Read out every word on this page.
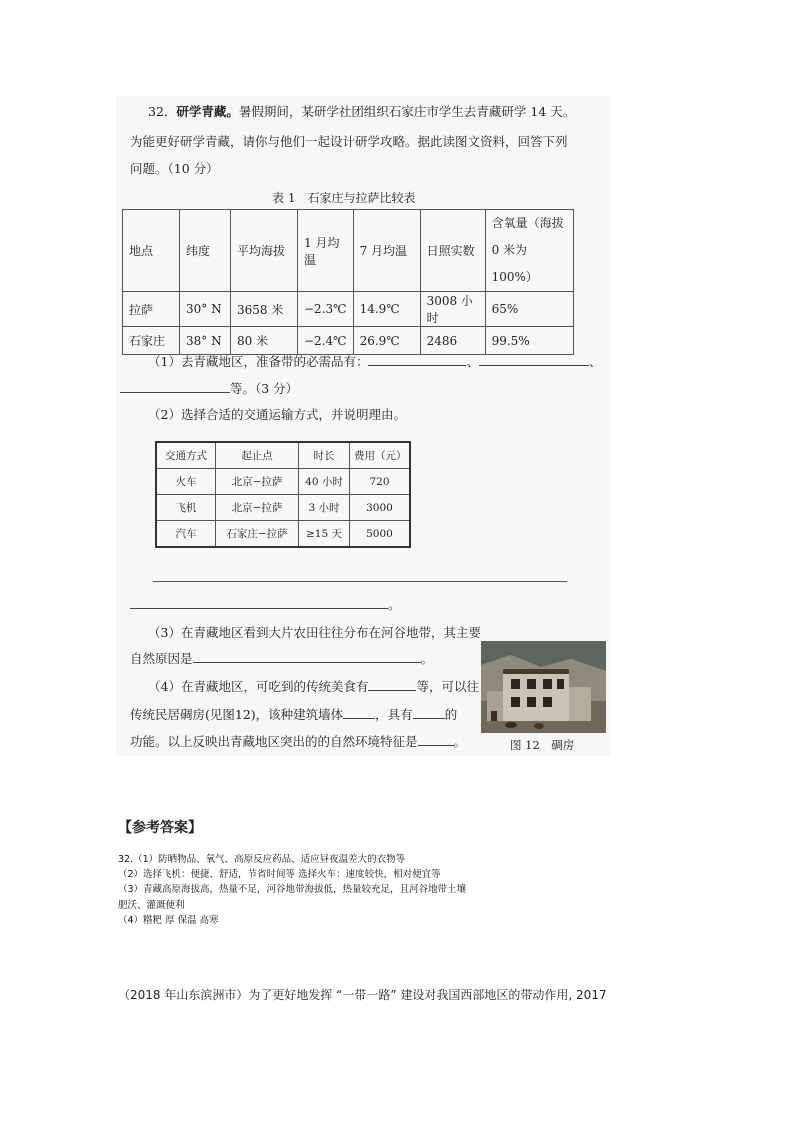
32．研学青藏。暑假期间，某研学社团组织石家庄市学生去青藏研学 14 天。
为能更好研学青藏，请你与他们一起设计研学攻略。据此读图文资料，回答下列
问题。（10 分）
表 1　石家庄与拉萨比较表
地点	纬度	平均海拔	1 月均温	7 月均温	日照实数	含氧量（海拔
0 米为100%）

拉萨	30° N	3658 米	−2.3℃	14.9℃	3008 小时	65%
石家庄	38° N	80 米	−2.4℃	26.9℃	2486	99.5%
（1）去青藏地区，准备带的必需品有：	、	、
等。（3 分）
（2）选择合适的交通运输方式，并说明理由。
交通方式	起止点	时长	费用（元）
火车	北京−拉萨	40 小时	720
飞机	北京−拉萨	3 小时	3000
汽车	石家庄−拉萨	≥15 天	5000
。
（3）在青藏地区看到大片农田往往分布在河谷地带，其主要
自然原因是	。
（4）在青藏地区，可吃到的传统美食有	等，可以往
传统民居碉房(见图12)，该种建筑墙体	，具有	的
功能。以上反映出青藏地区突出的的自然环境特征是	。	图 12　碉房
【参考答案】
32.（1）防晒物品、氧气、高原反应药品、适应昼夜温差大的衣物等
（2）选择飞机：便捷、舒适，节省时间等 选择火车：速度较快，相对便宜等
（3）青藏高原海拔高，热量不足，河谷地带海拔低，热量较充足，且河谷地带土壤
肥沃、灌溉便利
（4）糌粑 厚 保温 高寒
（2018 年山东滨洲市）为了更好地发挥 “一带一路” 建设对我国西部地区的带动作用, 2017
